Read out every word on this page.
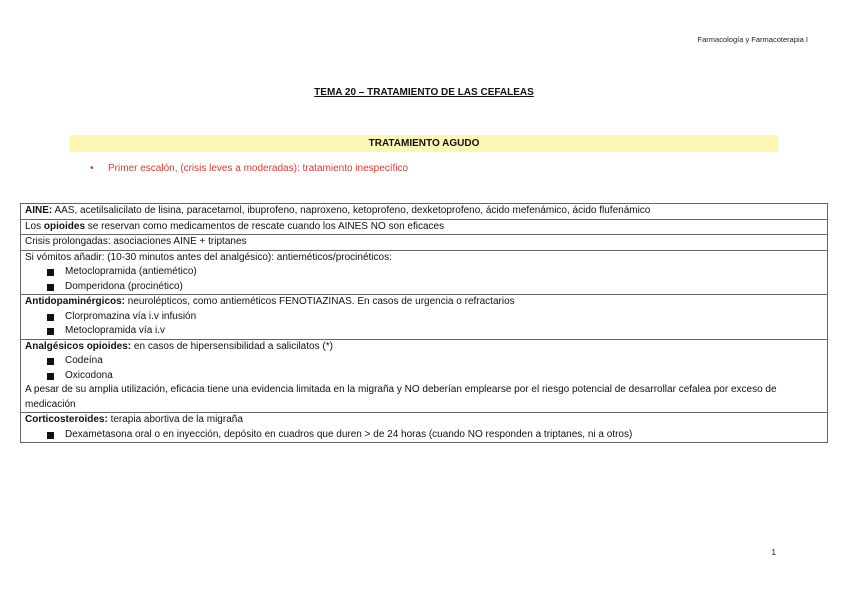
Farmacología y Farmacoterapia I
TEMA 20 – TRATAMIENTO DE LAS CEFALEAS
TRATAMIENTO AGUDO
• Primer escalón, (crisis leves a moderadas): tratamiento inespecífico
AINE: AAS, acetilsalicilato de lisina, paracetamol, ibuprofeno, naproxeno, ketoprofeno, dexketoprofeno, ácido mefenámico, ácido flufenámico
Los opioides se reservan como medicamentos de rescate cuando los AINES NO son eficaces
Crisis prolongadas: asociaciones AINE + triptanes

Si vómitos añadir: (10-30 minutos antes del analgésico): antieméticos/procinéticos:
Metoclopramida (antiemético)
Domperidona (procinético)

Antidopaminérgicos: neurolépticos, como antieméticos FENOTIAZINAS. En casos de urgencia o refractarios
Clorpromazina vía i.v infusión
Metoclopramida vía i.v

Analgésicos opioides: en casos de hipersensibilidad a salicilatos (*)
Codeína
Oxicodona
A pesar de su amplia utilización, eficacia tiene una evidencia limitada en la migraña y NO deberían emplearse por el riesgo potencial de desarrollar cefalea por exceso de medicación

Corticosteroides: terapia abortiva de la migraña
Dexametasona oral o en inyección, depósito en cuadros que duren > de 24 horas (cuando NO responden a triptanes, ni a otros)
1
